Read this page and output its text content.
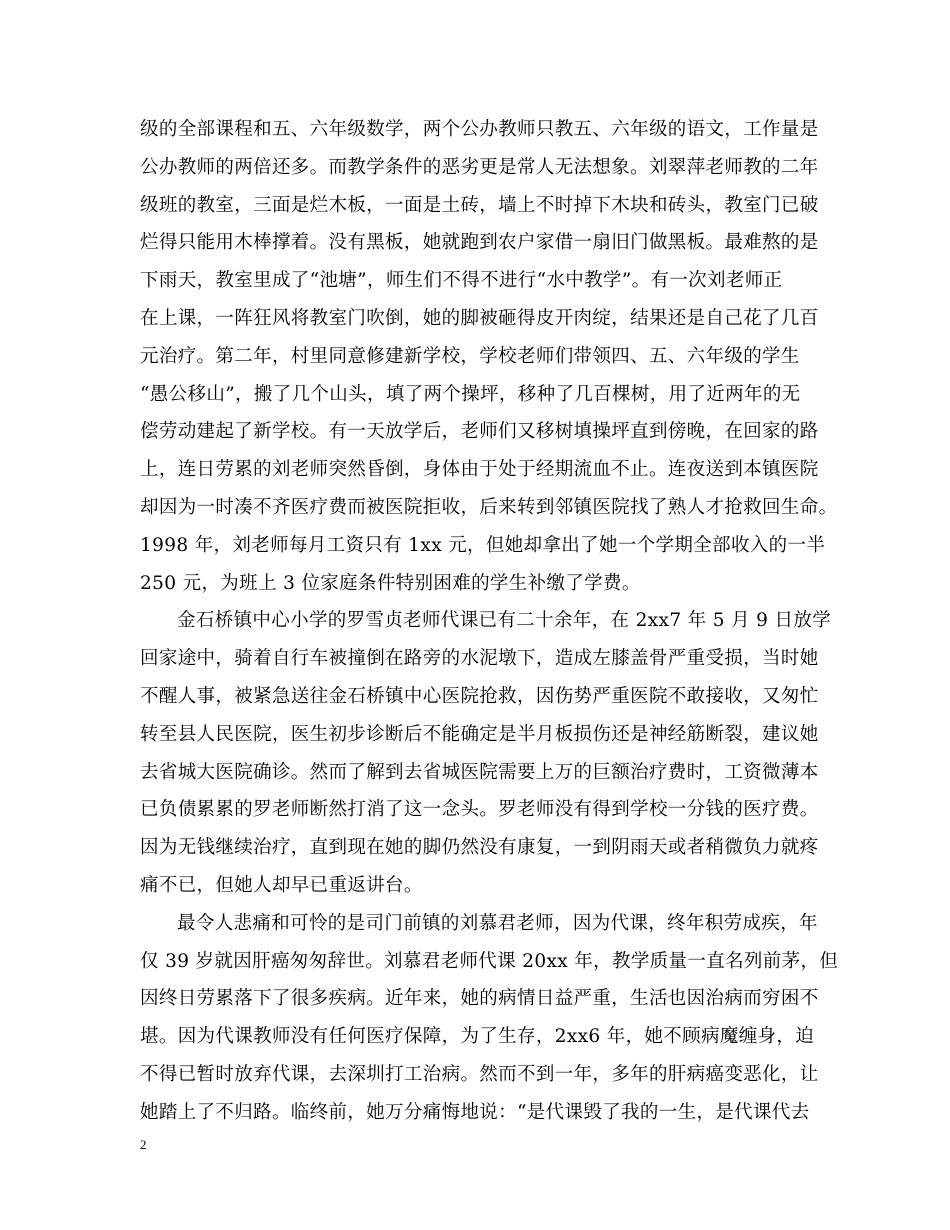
级的全部课程和五、六年级数学，两个公办教师只教五、六年级的语文，工作量是
公办教师的两倍还多。而教学条件的恶劣更是常人无法想象。刘翠萍老师教的二年
级班的教室，三面是烂木板，一面是土砖，墙上不时掉下木块和砖头，教室门已破
烂得只能用木棒撑着。没有黑板，她就跑到农户家借一扇旧门做黑板。最难熬的是
下雨天，教室里成了“池塘”，师生们不得不进行“水中教学”。有一次刘老师正
在上课，一阵狂风将教室门吹倒，她的脚被砸得皮开肉绽，结果还是自己花了几百
元治疗。第二年，村里同意修建新学校，学校老师们带领四、五、六年级的学生
“愚公移山”，搬了几个山头，填了两个操坪，移种了几百棵树，用了近两年的无
偿劳动建起了新学校。有一天放学后，老师们又移树填操坪直到傍晚，在回家的路
上，连日劳累的刘老师突然昏倒，身体由于处于经期流血不止。连夜送到本镇医院
却因为一时凑不齐医疗费而被医院拒收，后来转到邻镇医院找了熟人才抢救回生命。
1998 年，刘老师每月工资只有 1xx 元，但她却拿出了她一个学期全部收入的一半
250 元，为班上 3 位家庭条件特别困难的学生补缴了学费。
金石桥镇中心小学的罗雪贞老师代课已有二十余年，在 2xx7 年 5 月 9 日放学
回家途中，骑着自行车被撞倒在路旁的水泥墩下，造成左膝盖骨严重受损，当时她
不醒人事，被紧急送往金石桥镇中心医院抢救，因伤势严重医院不敢接收，又匆忙
转至县人民医院，医生初步诊断后不能确定是半月板损伤还是神经筋断裂，建议她
去省城大医院确诊。然而了解到去省城医院需要上万的巨额治疗费时，工资微薄本
已负债累累的罗老师断然打消了这一念头。罗老师没有得到学校一分钱的医疗费。
因为无钱继续治疗，直到现在她的脚仍然没有康复，一到阴雨天或者稍微负力就疼
痛不已，但她人却早已重返讲台。
最令人悲痛和可怜的是司门前镇的刘慕君老师，因为代课，终年积劳成疾，年
仅 39 岁就因肝癌匆匆辞世。刘慕君老师代课 20xx 年，教学质量一直名列前茅，但
因终日劳累落下了很多疾病。近年来，她的病情日益严重，生活也因治病而穷困不
堪。因为代课教师没有任何医疗保障，为了生存，2xx6 年，她不顾病魔缠身，迫
不得已暂时放弃代课，去深圳打工治病。然而不到一年，多年的肝病癌变恶化，让
她踏上了不归路。临终前，她万分痛悔地说：“是代课毁了我的一生，是代课代去
2
